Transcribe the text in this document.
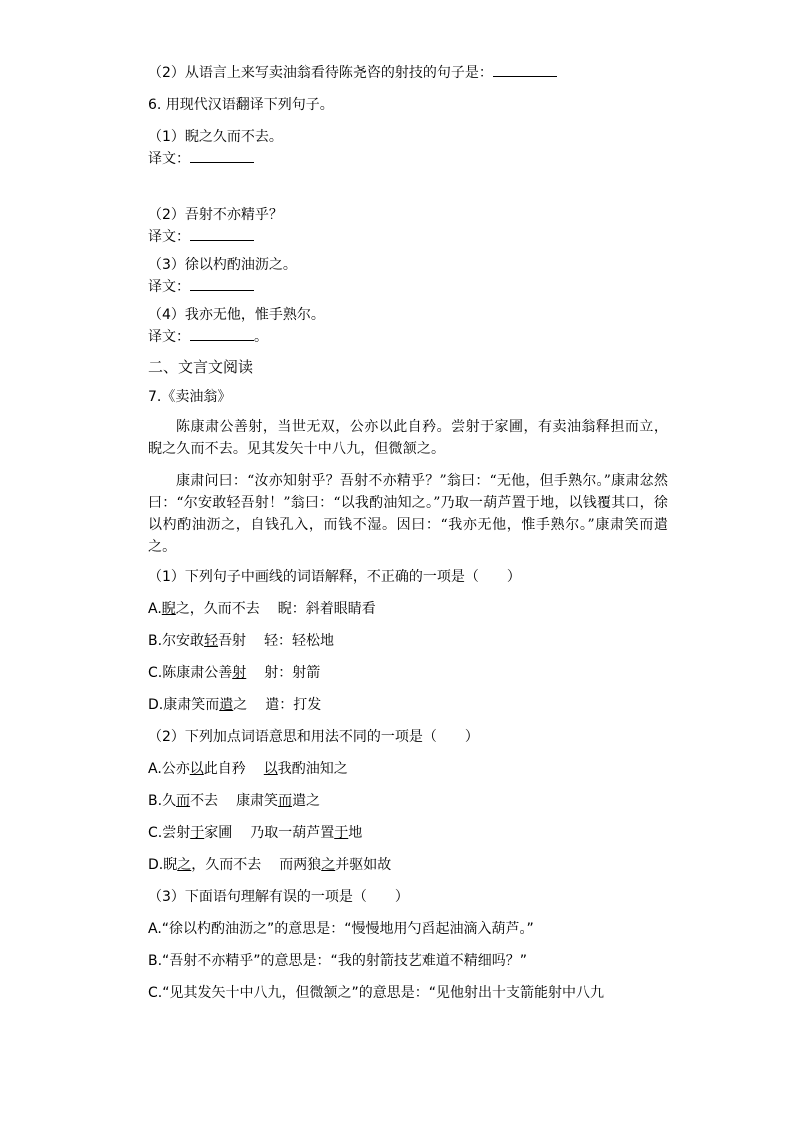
（2）从语言上来写卖油翁看待陈尧咨的射技的句子是：
6. 用现代汉语翻译下列句子。
（1）睨之久而不去。
译文：
（2）吾射不亦精乎？
译文：
（3）徐以杓酌油沥之。
译文：
（4）我亦无他，惟手熟尔。
译文：	。
二、文言文阅读
7.《卖油翁》

陈康肃公善射，当世无双，公亦以此自矜。尝射于家圃，有卖油翁释担而立，睨之久而不去。见其发矢十中八九，但微颔之。

康肃问曰：“汝亦知射乎？吾射不亦精乎？”翁曰：“无他，但手熟尔。”康肃忿然曰：“尔安敢轻吾射！”翁曰：“以我酌油知之。”乃取一葫芦置于地，以钱覆其口，徐以杓酌油沥之，自钱孔入，而钱不湿。因曰：“我亦无他，惟手熟尔。”康肃笑而遣之。

（1）下列句子中画线的词语解释，不正确的一项是（　　）
A.睨之，久而不去 睨：斜着眼睛看
B.尔安敢轻吾射 轻：轻松地
C.陈康肃公善射 射：射箭
D.康肃笑而遣之 遣：打发
（2）下列加点词语意思和用法不同的一项是（　　）
A.公亦以此自矜 以我酌油知之
B.久而不去 康肃笑而遣之
C.尝射于家圃 乃取一葫芦置于地
D.睨之，久而不去 而两狼之并驱如故
（3）下面语句理解有误的一项是（　　）
A.“徐以杓酌油沥之”的意思是：“慢慢地用勺舀起油滴入葫芦。”
B.“吾射不亦精乎”的意思是：“我的射箭技艺难道不精细吗？”
C.“见其发矢十中八九，但微颔之”的意思是：“见他射出十支箭能射中八九
